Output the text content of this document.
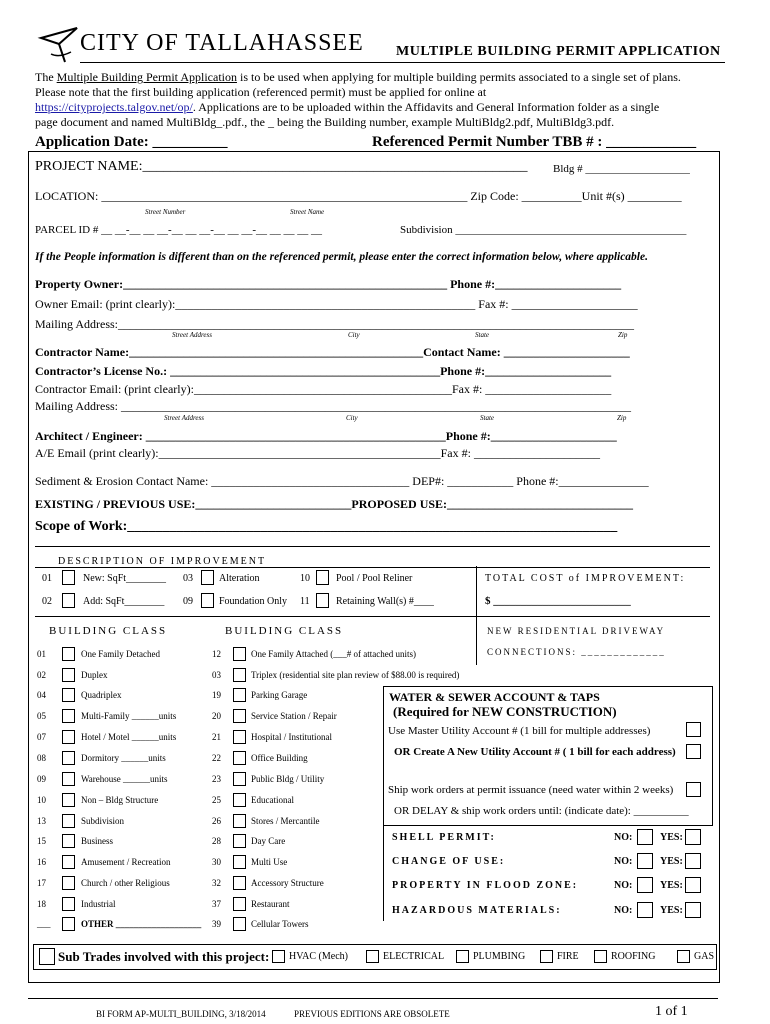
CITY OF TALLAHASSEE MULTIPLE BUILDING PERMIT APPLICATION
The Multiple Building Permit Application is to be used when applying for multiple building permits associated to a single set of plans.
Please note that the first building application (referenced permit) must be applied for online at
https://cityprojects.talgov.net/op/. Applications are to be uploaded within the Affidavits and General Information folder as a single
page document and named MultiBldg_.pdf., the _ being the Building number, example MultiBldg2.pdf, MultiBldg3.pdf.
Application Date: __________	Referenced Permit Number TBB # : ____________
PROJECT NAME:_______________________________________________________ Bldg # ___________________
LOCATION: _____________________________________________________________ Zip Code: __________Unit #(s) _________
Street Number	Street Name
PARCEL ID # __ __-__ __ __-__ __ __-__ __ __-__ __ __ __ __	Subdivision __________________________________________
If the People information is different than on the referenced permit, please enter the correct information below, where applicable.
Property Owner:______________________________________________________ Phone #:_____________________
Owner Email: (print clearly):__________________________________________________ Fax #: _____________________
Mailing Address:______________________________________________________________________________________
Street Address	City	State	Zip
Contractor Name:_________________________________________________Contact Name: _____________________
Contractor’s License No.: _____________________________________________Phone #:_____________________
Contractor Email: (print clearly):___________________________________________Fax #: _____________________
Mailing Address: _____________________________________________________________________________________
Street Address	City	State	Zip
Architect / Engineer: __________________________________________________Phone #:_____________________
A/E Email (print clearly):_______________________________________________Fax #: _____________________
Sediment & Erosion Contact Name: _________________________________ DEP#: ___________ Phone #:_______________
EXISTING / PREVIOUS USE:__________________________PROPOSED USE:_______________________________
Scope of Work:______________________________________________________________________
DESCRIPTION OF IMPROVEMENT
01	New: SqFt________ 03	Alteration	10	Pool / Pool Reliner
02	Add: SqFt________ 09	Foundation Only 11	Retaining Wall(s) #____
TOTAL COST of IMPROVEMENT:
$ _________________________
BUILDING CLASS	BUILDING CLASS
01	One Family Detached
02	Duplex
04	Quadriplex
05	Multi-Family ______units
07	Hotel / Motel ______units
08	Dormitory ______units
09	Warehouse ______units
10	Non – Bldg Structure
13	Subdivision
15	Business
16	Amusement / Recreation
17	Church / other Religious
18	Industrial
___	OTHER ___________________
12	One Family Attached (___# of attached units)
03	Triplex (residential site plan review of $88.00 is required)
19	Parking Garage
20	Service Station / Repair
21	Hospital / Institutional
22	Office Building
23	Public Bldg / Utility
25	Educational
26	Stores / Mercantile
28	Day Care
30	Multi Use
32	Accessory Structure
37	Restaurant
39	Cellular Towers
NEW RESIDENTIAL DRIVEWAY
CONNECTIONS: _____________
WATER & SEWER ACCOUNT & TAPS
(Required for NEW CONSTRUCTION)
Use Master Utility Account # (1 bill for multiple addresses)
OR Create A New Utility Account # ( 1 bill for each address)
Ship work orders at permit issuance (need water within 2 weeks)
OR DELAY & ship work orders until: (indicate date): __________
SHELL PERMIT:	NO:	YES:
CHANGE OF USE:	NO:	YES:
PROPERTY IN FLOOD ZONE:	NO:	YES:
HAZARDOUS MATERIALS:	NO:	YES:
Sub Trades involved with this project: HVAC (Mech)	ELECTRICAL	PLUMBING	FIRE	ROOFING	GAS
BI FORM AP-MULTI_BUILDING, 3/18/2014	PREVIOUS EDITIONS ARE OBSOLETE	1 of 1
